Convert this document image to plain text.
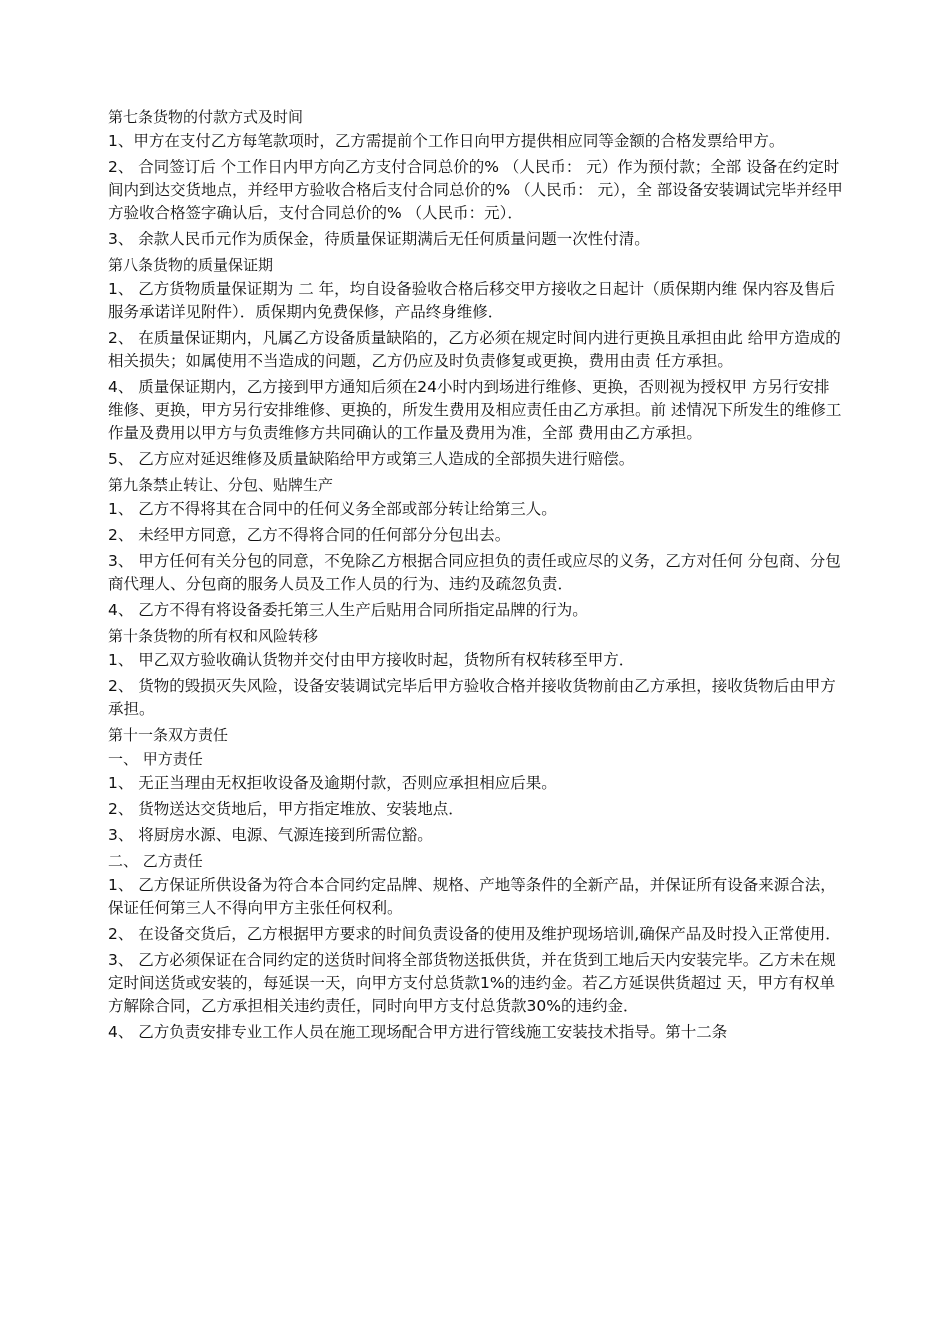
第七条货物的付款方式及时间

1、甲方在支付乙方每笔款项时，乙方需提前个工作日向甲方提供相应同等金额的合格发票给甲方。

2、 合同签订后 个工作日内甲方向乙方支付合同总价的% （人民币： 元）作为预付款；全部 设备在约定时间内到达交货地点，并经甲方验收合格后支付合同总价的% （人民币： 元），全 部设备安装调试完毕并经甲方验收合格签字确认后，支付合同总价的% （人民币：元）．

3、 余款人民币元作为质保金，待质量保证期满后无任何质量问题一次性付清。

第八条货物的质量保证期

1、 乙方货物质量保证期为 二 年，均自设备验收合格后移交甲方接收之日起计（质保期内维 保内容及售后服务承诺详见附件）．质保期内免费保修，产品终身维修．

2、 在质量保证期内，凡属乙方设备质量缺陷的，乙方必须在规定时间内进行更换且承担由此 给甲方造成的相关损失；如属使用不当造成的问题，乙方仍应及时负责修复或更换，费用由责 任方承担。

4、 质量保证期内，乙方接到甲方通知后须在24小时内到场进行维修、更换，否则视为授权甲 方另行安排维修、更换，甲方另行安排维修、更换的，所发生费用及相应责任由乙方承担。前 述情况下所发生的维修工作量及费用以甲方与负责维修方共同确认的工作量及费用为准，全部 费用由乙方承担。

5、 乙方应对延迟维修及质量缺陷给甲方或第三人造成的全部损失进行赔偿。

第九条禁止转让、分包、贴牌生产

1、 乙方不得将其在合同中的任何义务全部或部分转让给第三人。

2、 未经甲方同意，乙方不得将合同的任何部分分包出去。

3、 甲方任何有关分包的同意，不免除乙方根据合同应担负的责任或应尽的义务，乙方对任何 分包商、分包商代理人、分包商的服务人员及工作人员的行为、违约及疏忽负责．

4、 乙方不得有将设备委托第三人生产后贴用合同所指定品牌的行为。

第十条货物的所有权和风险转移

1、 甲乙双方验收确认货物并交付由甲方接收时起，货物所有权转移至甲方．

2、 货物的毁损灭失风险，设备安装调试完毕后甲方验收合格并接收货物前由乙方承担，接收货物后由甲方承担。

第十一条双方责任

一、 甲方责任

1、 无正当理由无权拒收设备及逾期付款，否则应承担相应后果。

2、 货物送达交货地后，甲方指定堆放、安装地点．

3、 将厨房水源、电源、气源连接到所需位豁。

二、 乙方责任

1、 乙方保证所供设备为符合本合同约定品牌、规格、产地等条件的全新产品，并保证所有设备来源合法，保证任何第三人不得向甲方主张任何权利。

2、 在设备交货后，乙方根据甲方要求的时间负责设备的使用及维护现场培训,确保产品及时投入正常使用．

3、 乙方必须保证在合同约定的送货时间将全部货物送抵供货，并在货到工地后天内安装完毕。乙方未在规定时间送货或安装的，每延误一天，向甲方支付总货款1%的违约金。若乙方延误供货超过 天，甲方有权单方解除合同，乙方承担相关违约责任，同时向甲方支付总货款30%的违约金．

4、 乙方负责安排专业工作人员在施工现场配合甲方进行管线施工安装技术指导。第十二条
